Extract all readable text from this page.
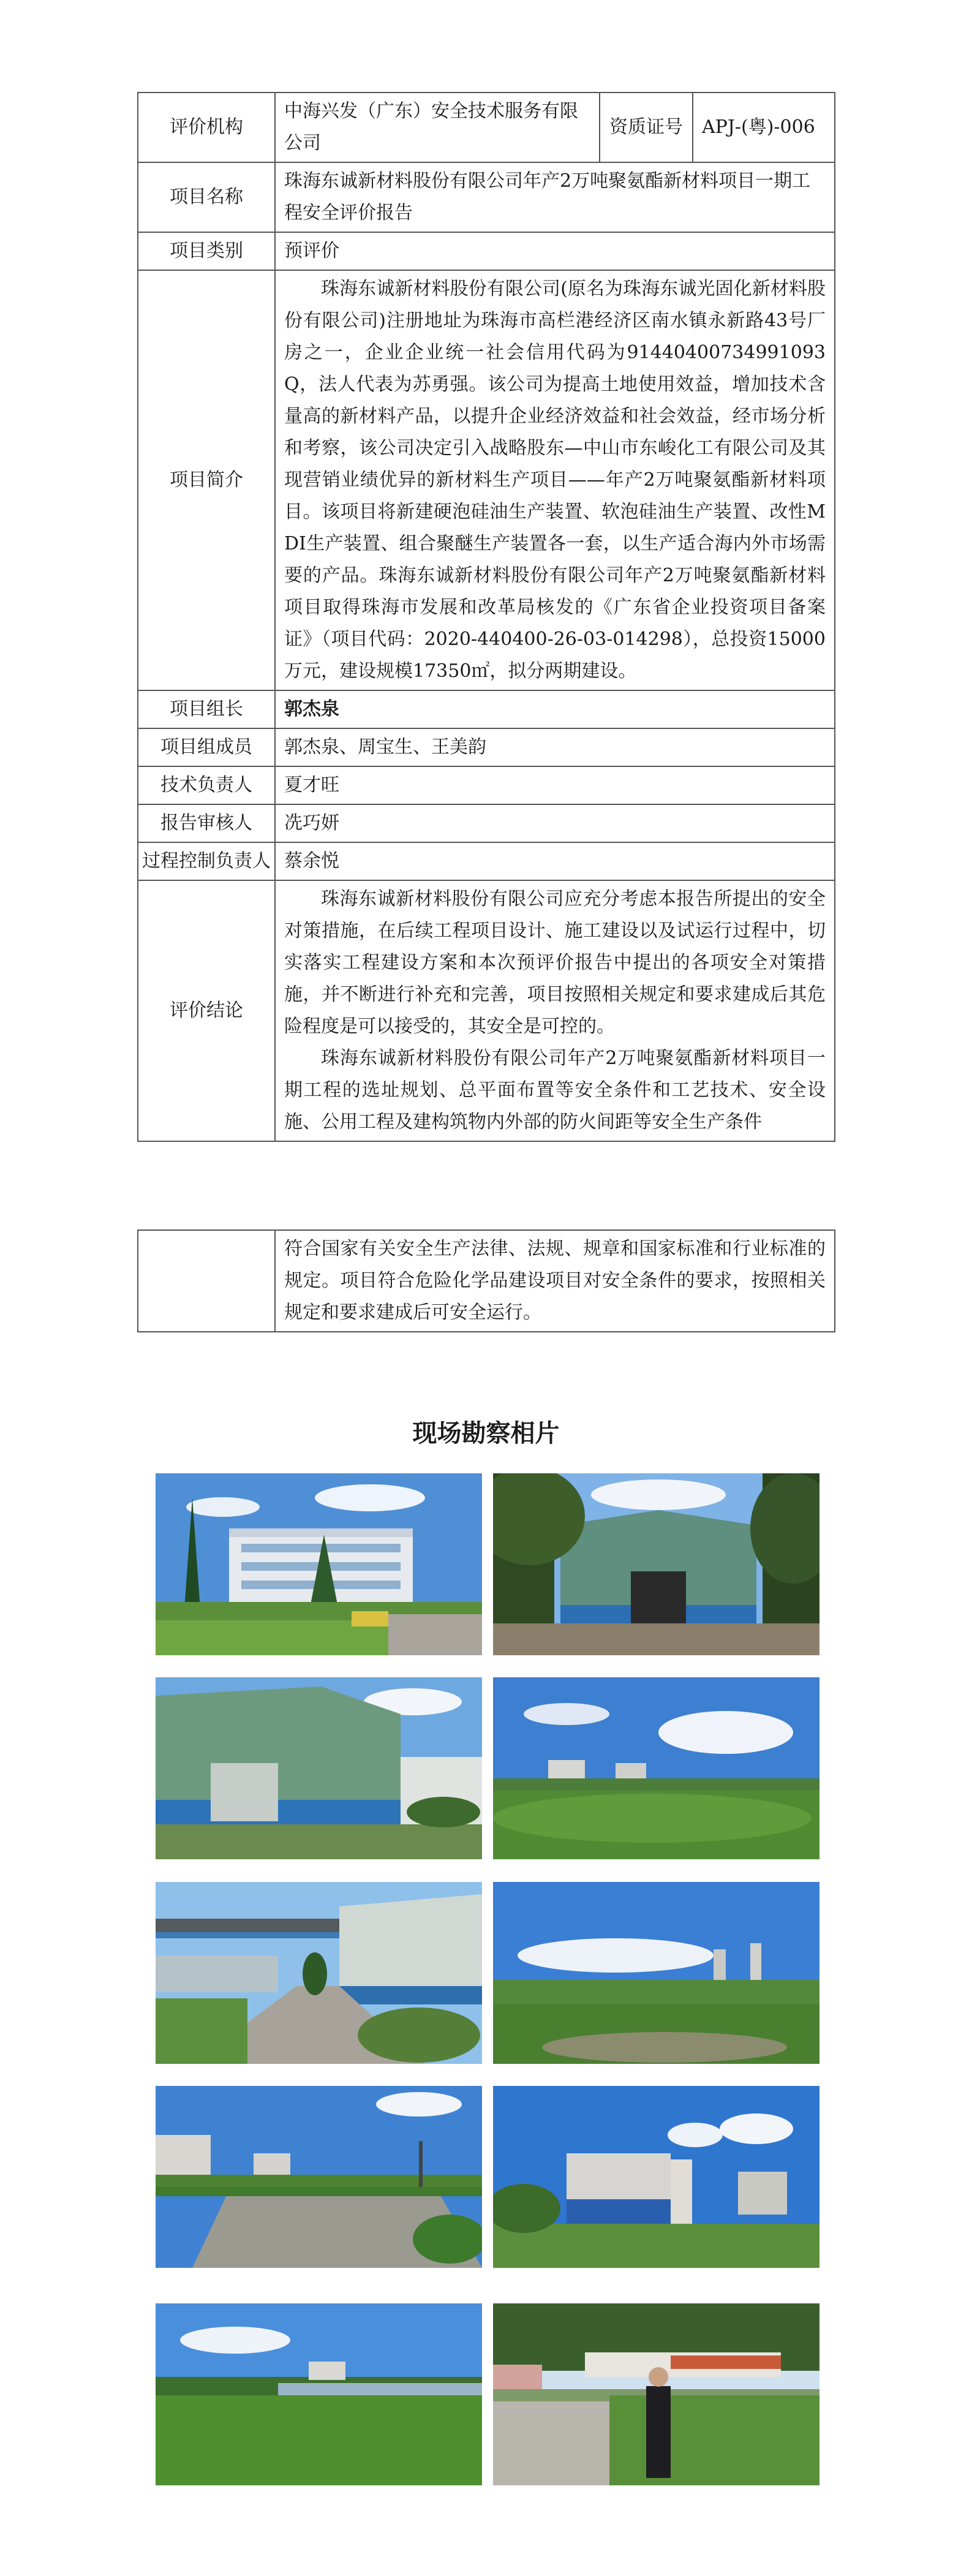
评价机构	中海兴发（广东）安全技术服务有限公司	资质证号	APJ-(粤)-006
项目名称	珠海东诚新材料股份有限公司年产2万吨聚氨酯新材料项目一期工程安全评价报告		
项目类别	预评价		
项目简介	珠海东诚新材料股份有限公司(原名为珠海东诚光固化新材料股份有限公司)注册地址为珠海市高栏港经济区南水镇永新路43号厂房之一，企业企业统一社会信用代码为91440400734991093Q，法人代表为苏勇强。该公司为提高土地使用效益，增加技术含量高的新材料产品，以提升企业经济效益和社会效益，经市场分析和考察，该公司决定引入战略股东—中山市东峻化工有限公司及其现营销业绩优异的新材料生产项目——年产2万吨聚氨酯新材料项目。该项目将新建硬泡硅油生产装置、软泡硅油生产装置、改性MDI生产装置、组合聚醚生产装置各一套，以生产适合海内外市场需要的产品。珠海东诚新材料股份有限公司年产2万吨聚氨酯新材料项目取得珠海市发展和改革局核发的《广东省企业投资项目备案证》（项目代码：2020-440400-26-03-014298），总投资15000万元，建设规模17350㎡，拟分两期建设。		

项目组长	郭杰泉		
项目组成员	郭杰泉、周宝生、王美韵		
技术负责人	夏才旺		
报告审核人	冼巧妍		
过程控制负责人	蔡余悦		
评价结论	珠海东诚新材料股份有限公司应充分考虑本报告所提出的安全对策措施，在后续工程项目设计、施工建设以及试运行过程中，切实落实工程建设方案和本次预评价报告中提出的各项安全对策措施，并不断进行补充和完善，项目按照相关规定和要求建成后其危险程度是可以接受的，其安全是可控的。

珠海东诚新材料股份有限公司年产2万吨聚氨酯新材料项目一期工程的选址规划、总平面布置等安全条件和工艺技术、安全设施、公用工程及建构筑物内外部的防火间距等安全生产条件		

	符合国家有关安全生产法律、法规、规章和国家标准和行业标准的规定。项目符合危险化学品建设项目对安全条件的要求，按照相关规定和要求建成后可安全运行。
现场勘察相片
